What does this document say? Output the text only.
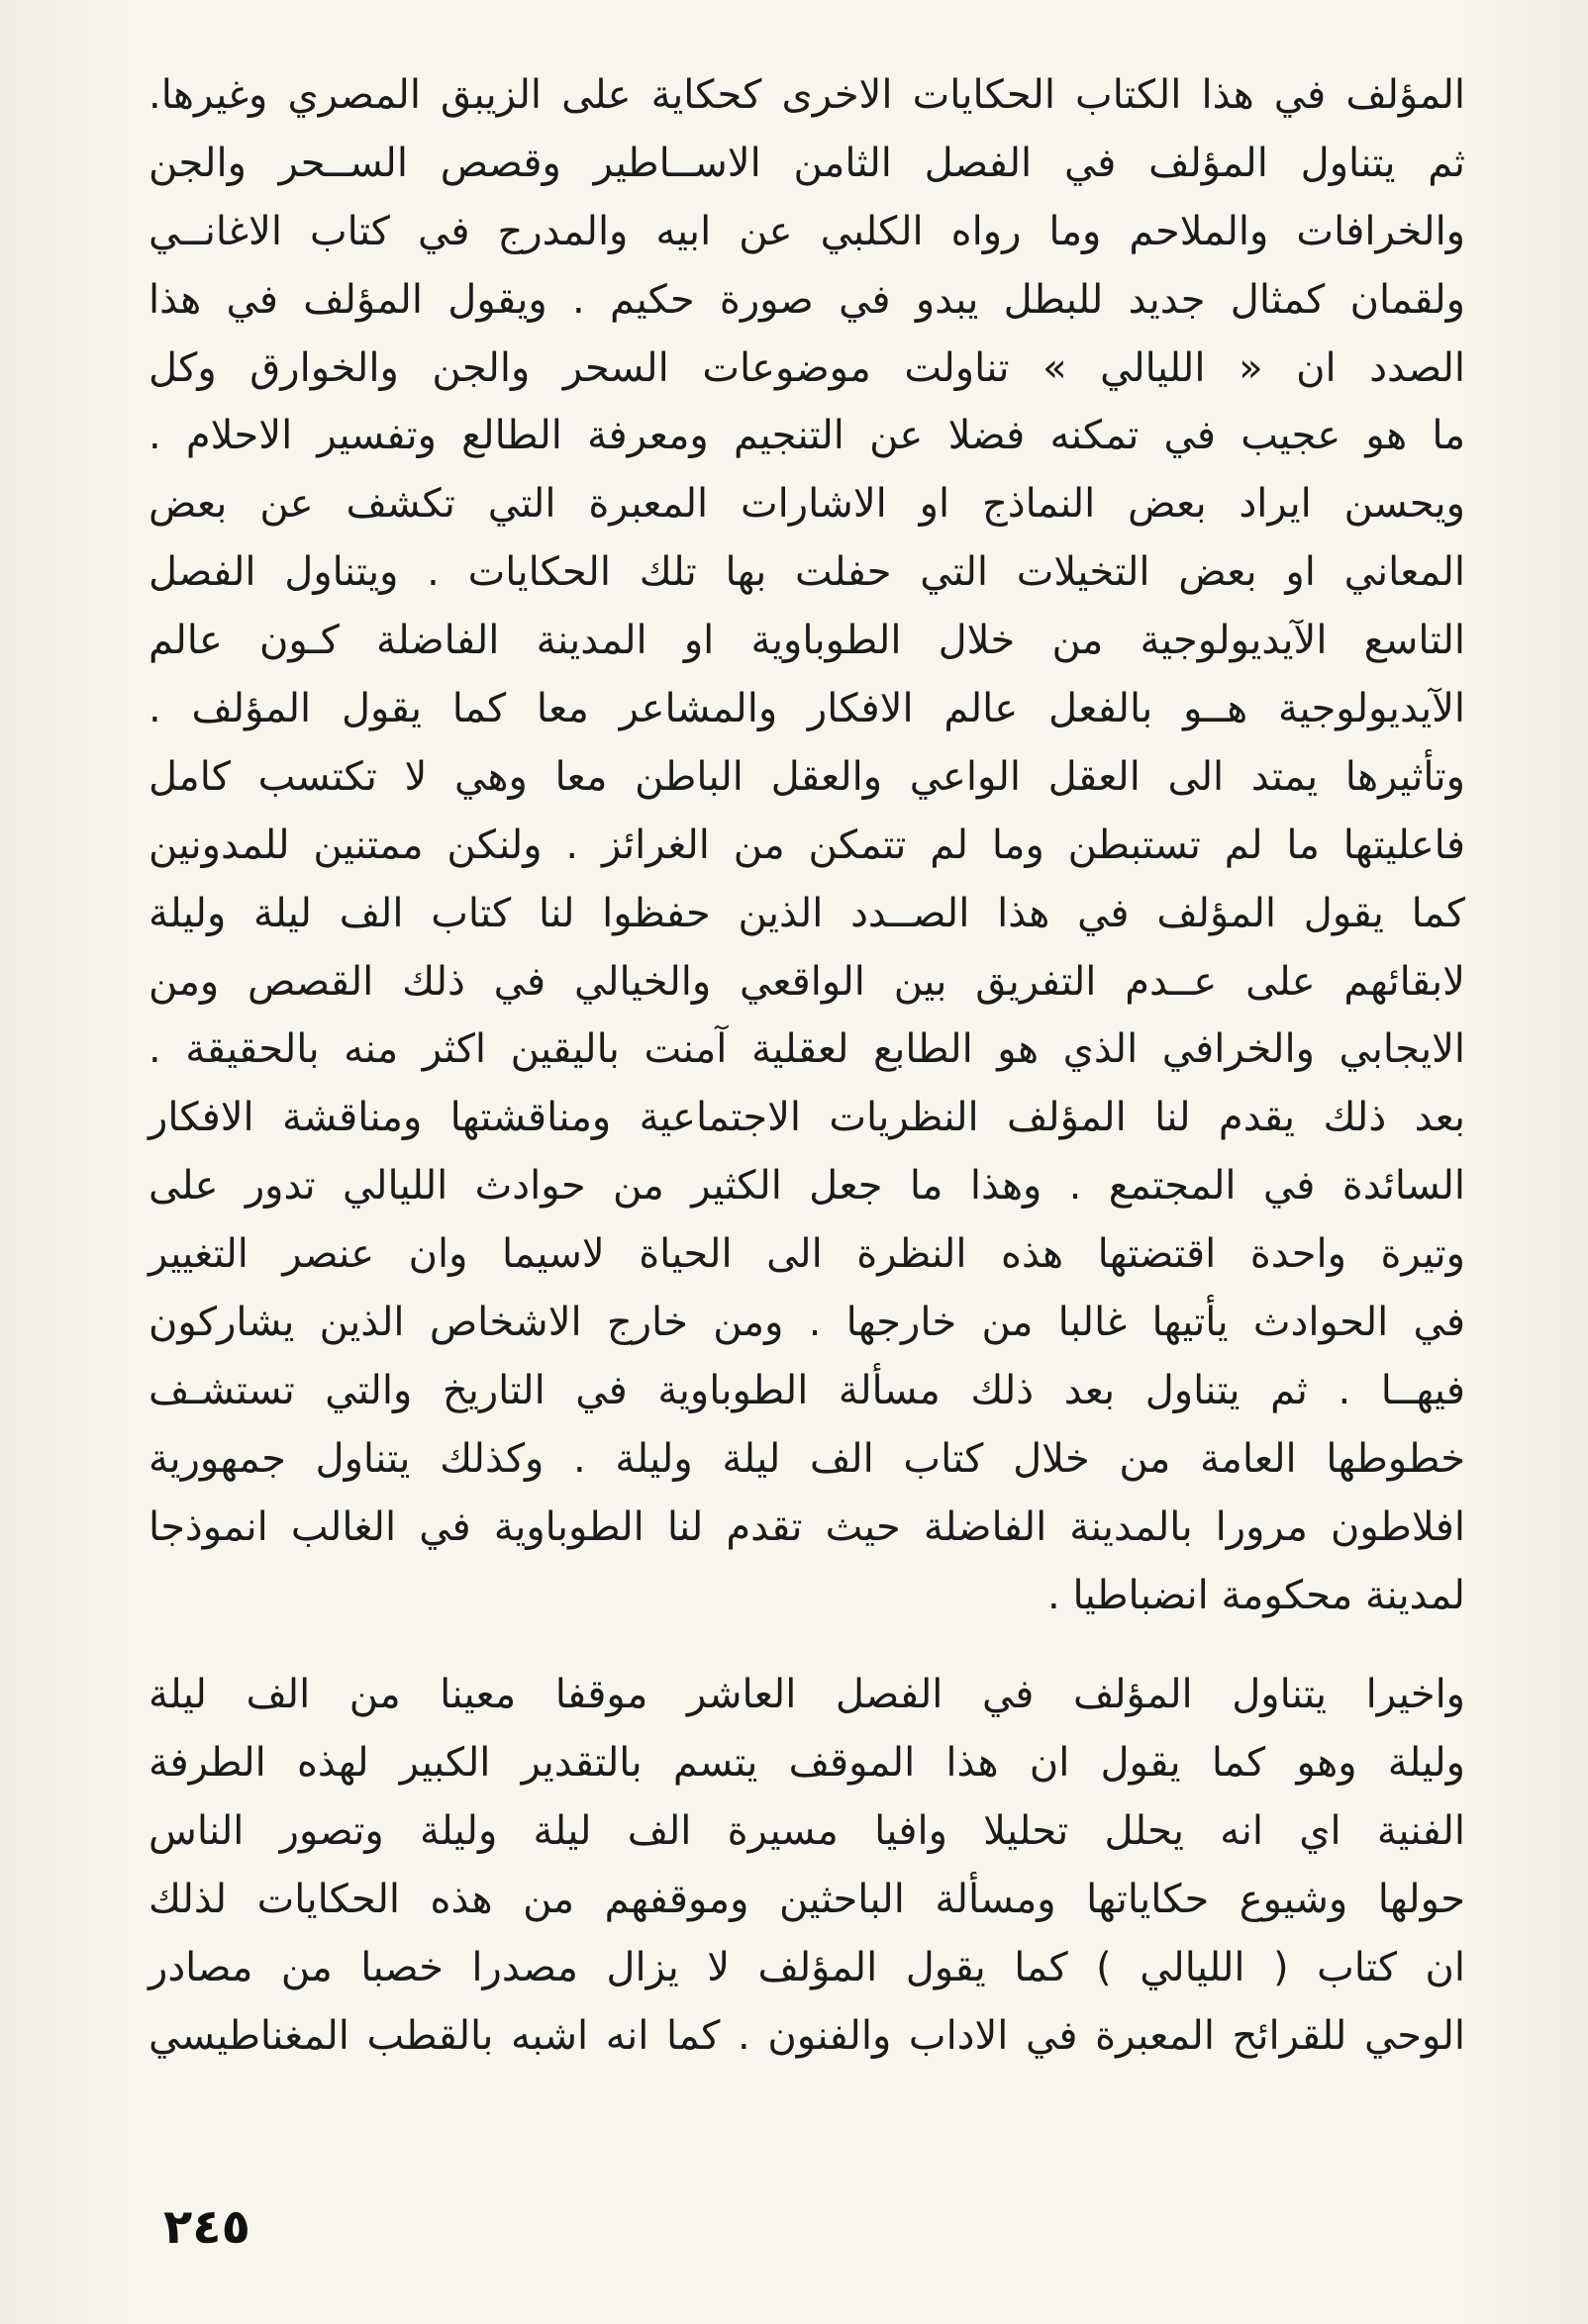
المؤلف في هذا الكتاب الحكايات الاخرى كحكاية على الزيبق المصري وغيرها.
ثم يتناول المؤلف في الفصل الثامن الاســاطير وقصص الســحر والجن
والخرافات والملاحم وما رواه الكلبي عن ابيه والمدرج في كتاب الاغانــي
ولقمان كمثال جديد للبطل يبدو في صورة حكيم . ويقول المؤلف في هذا
الصدد ان « الليالي » تناولت موضوعات السحر والجن والخوارق وكل
ما هو عجيب في تمكنه فضلا عن التنجيم ومعرفة الطالع وتفسير الاحلام .
ويحسن ايراد بعض النماذج او الاشارات المعبرة التي تكشف عن بعض
المعاني او بعض التخيلات التي حفلت بها تلك الحكايات . ويتناول الفصل
التاسع الآيديولوجية من خلال الطوباوية او المدينة الفاضلة كـون عالم
الآيديولوجية هــو بالفعل عالم الافكار والمشاعر معا كما يقول المؤلف .
وتأثيرها يمتد الى العقل الواعي والعقل الباطن معا وهي لا تكتسب كامل
فاعليتها ما لم تستبطن وما لم تتمكن من الغرائز . ولنكن ممتنين للمدونين
كما يقول المؤلف في هذا الصــدد الذين حفظوا لنا كتاب الف ليلة وليلة
لابقائهم على عــدم التفريق بين الواقعي والخيالي في ذلك القصص ومن
الايجابي والخرافي الذي هو الطابع لعقلية آمنت باليقين اكثر منه بالحقيقة .
بعد ذلك يقدم لنا المؤلف النظريات الاجتماعية ومناقشتها ومناقشة الافكار
السائدة في المجتمع . وهذا ما جعل الكثير من حوادث الليالي تدور على
وتيرة واحدة اقتضتها هذه النظرة الى الحياة لاسيما وان عنصر التغيير
في الحوادث يأتيها غالبا من خارجها . ومن خارج الاشخاص الذين يشاركون
فيهــا . ثم يتناول بعد ذلك مسألة الطوباوية في التاريخ والتي تستشـف
خطوطها العامة من خلال كتاب الف ليلة وليلة . وكذلك يتناول جمهورية
افلاطون مرورا بالمدينة الفاضلة حيث تقدم لنا الطوباوية في الغالب انموذجا
لمدينة محكومة انضباطيا .
واخيرا يتناول المؤلف في الفصل العاشر موقفا معينا من الف ليلة
وليلة وهو كما يقول ان هذا الموقف يتسم بالتقدير الكبير لهذه الطرفة
الفنية اي انه يحلل تحليلا وافيا مسيرة الف ليلة وليلة وتصور الناس
حولها وشيوع حكاياتها ومسألة الباحثين وموقفهم من هذه الحكايات لذلك
ان كتاب ( الليالي ) كما يقول المؤلف لا يزال مصدرا خصبا من مصادر
الوحي للقرائح المعبرة في الاداب والفنون . كما انه اشبه بالقطب المغناطيسي
٢٤٥
